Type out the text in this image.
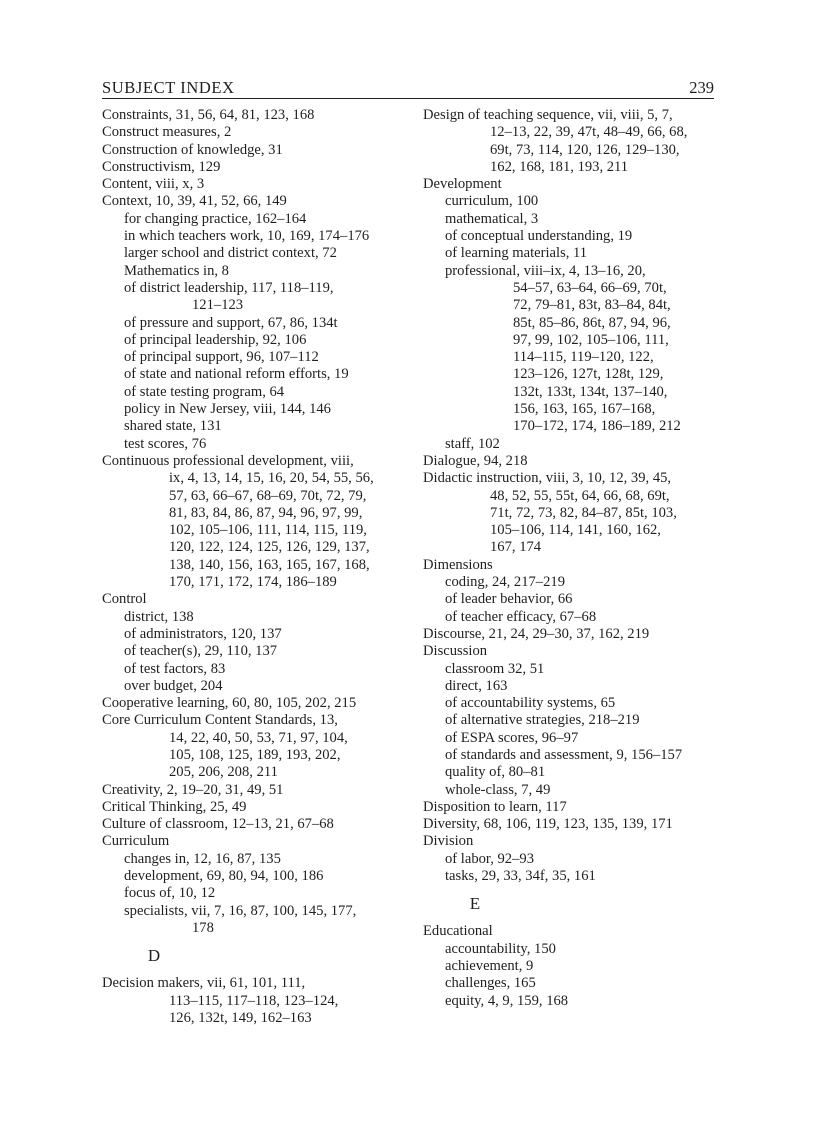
SUBJECT INDEX	239
Constraints, 31, 56, 64, 81, 123, 168
Construct measures, 2
Construction of knowledge, 31
Constructivism, 129
Content, viii, x, 3
Context, 10, 39, 41, 52, 66, 149
for changing practice, 162–164
in which teachers work, 10, 169, 174–176
larger school and district context, 72
Mathematics in, 8
of district leadership, 117, 118–119,
121–123
of pressure and support, 67, 86, 134t
of principal leadership, 92, 106
of principal support, 96, 107–112
of state and national reform efforts, 19
of state testing program, 64
policy in New Jersey, viii, 144, 146
shared state, 131
test scores, 76
Continuous professional development, viii,
ix, 4, 13, 14, 15, 16, 20, 54, 55, 56,
57, 63, 66–67, 68–69, 70t, 72, 79,
81, 83, 84, 86, 87, 94, 96, 97, 99,
102, 105–106, 111, 114, 115, 119,
120, 122, 124, 125, 126, 129, 137,
138, 140, 156, 163, 165, 167, 168,
170, 171, 172, 174, 186–189
Control
district, 138
of administrators, 120, 137
of teacher(s), 29, 110, 137
of test factors, 83
over budget, 204
Cooperative learning, 60, 80, 105, 202, 215
Core Curriculum Content Standards, 13,
14, 22, 40, 50, 53, 71, 97, 104,
105, 108, 125, 189, 193, 202,
205, 206, 208, 211
Creativity, 2, 19–20, 31, 49, 51
Critical Thinking, 25, 49
Culture of classroom, 12–13, 21, 67–68
Curriculum
changes in, 12, 16, 87, 135
development, 69, 80, 94, 100, 186
focus of, 10, 12
specialists, vii, 7, 16, 87, 100, 145, 177,
178
D
Decision makers, vii, 61, 101, 111,
113–115, 117–118, 123–124,
126, 132t, 149, 162–163
Design of teaching sequence, vii, viii, 5, 7,
12–13, 22, 39, 47t, 48–49, 66, 68,
69t, 73, 114, 120, 126, 129–130,
162, 168, 181, 193, 211
Development
curriculum, 100
mathematical, 3
of conceptual understanding, 19
of learning materials, 11
professional, viii–ix, 4, 13–16, 20,
54–57, 63–64, 66–69, 70t,
72, 79–81, 83t, 83–84, 84t,
85t, 85–86, 86t, 87, 94, 96,
97, 99, 102, 105–106, 111,
114–115, 119–120, 122,
123–126, 127t, 128t, 129,
132t, 133t, 134t, 137–140,
156, 163, 165, 167–168,
170–172, 174, 186–189, 212
staff, 102
Dialogue, 94, 218
Didactic instruction, viii, 3, 10, 12, 39, 45,
48, 52, 55, 55t, 64, 66, 68, 69t,
71t, 72, 73, 82, 84–87, 85t, 103,
105–106, 114, 141, 160, 162,
167, 174
Dimensions
coding, 24, 217–219
of leader behavior, 66
of teacher efficacy, 67–68
Discourse, 21, 24, 29–30, 37, 162, 219
Discussion
classroom 32, 51
direct, 163
of accountability systems, 65
of alternative strategies, 218–219
of ESPA scores, 96–97
of standards and assessment, 9, 156–157
quality of, 80–81
whole-class, 7, 49
Disposition to learn, 117
Diversity, 68, 106, 119, 123, 135, 139, 171
Division
of labor, 92–93
tasks, 29, 33, 34f, 35, 161
E
Educational
accountability, 150
achievement, 9
challenges, 165
equity, 4, 9, 159, 168
